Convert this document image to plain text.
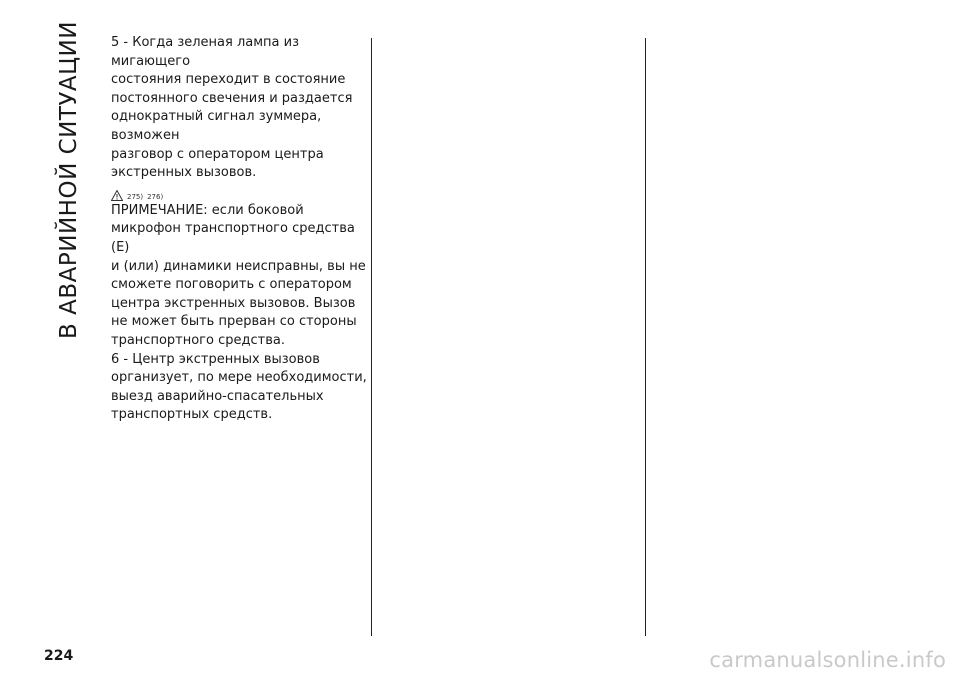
В АВАРИЙНОЙ СИТУАЦИИ 5 - Когда зеленая лампа из мигающего
состояния переходит в состояние
постоянного свечения и раздается
однократный сигнал зуммера, возможен
разговор с оператором центра
экстренных вызовов.

275) 276)

ПРИМЕЧАНИЕ: если боковой
микрофон транспортного средства (E)
и (или) динамики неисправны, вы не
сможете поговорить с оператором
центра экстренных вызовов. Вызов
не может быть прерван со стороны
транспортного средства.

6 - Центр экстренных вызовов
организует, по мере необходимости,
выезд аварийно-спасательных
транспортных средств.

224	carmanualsonline.info
